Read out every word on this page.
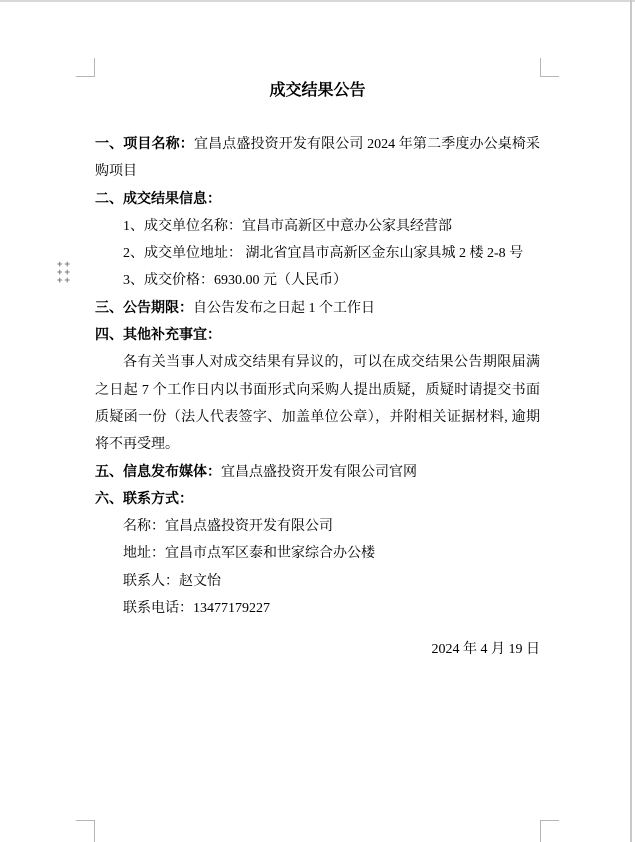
+ +
+ +
+ +
成交结果公告
一、项目名称：宜昌点盛投资开发有限公司 2024 年第二季度办公桌椅采购项目
二、成交结果信息：
1、成交单位名称：宜昌市高新区中意办公家具经营部
2、成交单位地址： 湖北省宜昌市高新区金东山家具城 2 楼 2-8 号
3、成交价格：6930.00 元（人民币）
三、公告期限：自公告发布之日起 1 个工作日
四、其他补充事宜：
各有关当事人对成交结果有异议的，可以在成交结果公告期限届满之日起 7 个工作日内以书面形式向采购人提出质疑，质疑时请提交书面质疑函一份（法人代表签字、加盖单位公章），并附相关证据材料, 逾期将不再受理。
五、信息发布媒体：宜昌点盛投资开发有限公司官网
六、联系方式：
名称：宜昌点盛投资开发有限公司
地址：宜昌市点军区泰和世家综合办公楼
联系人：赵文怡
联系电话：13477179227
2024 年 4 月 19 日
